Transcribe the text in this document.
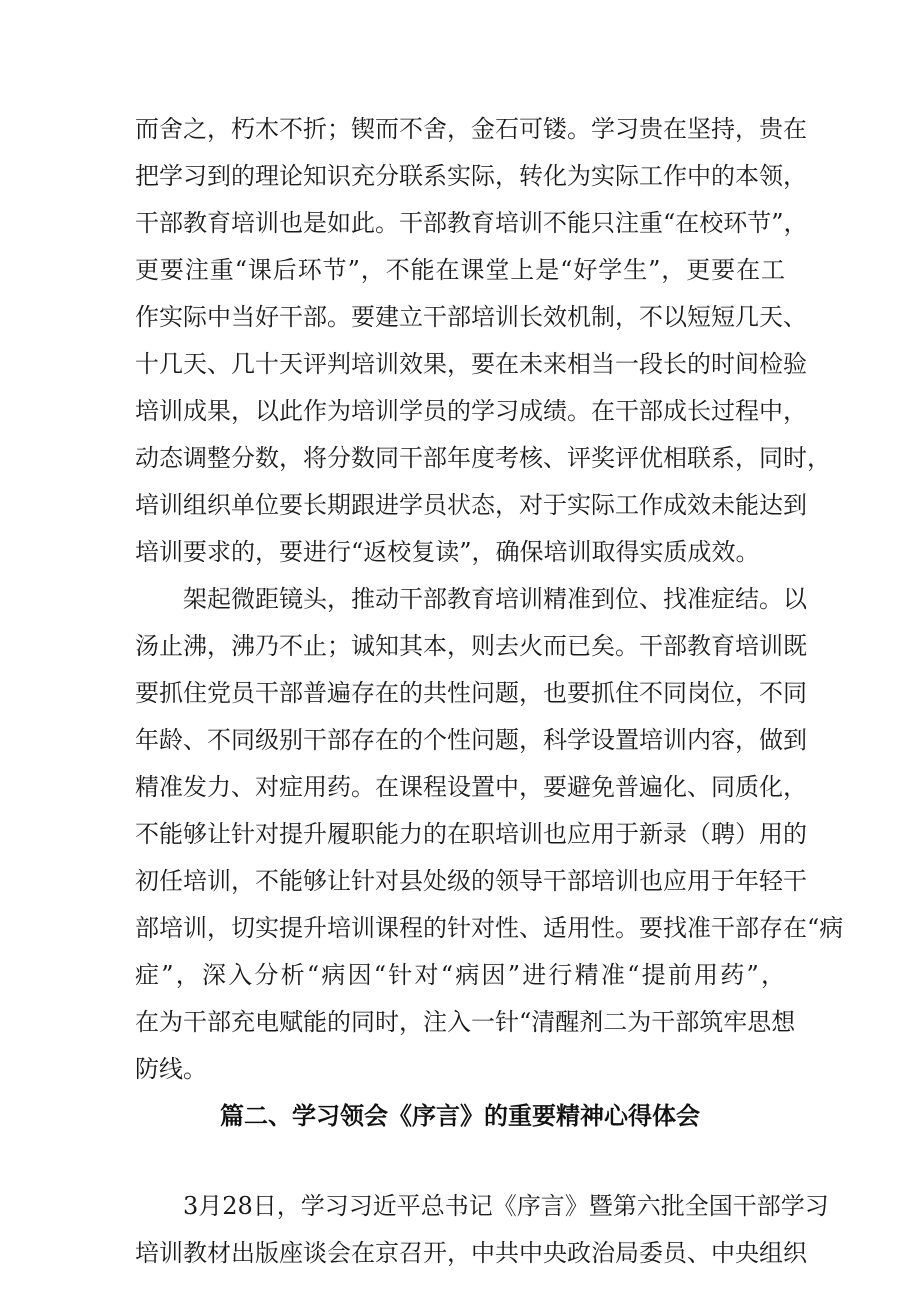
而舍之，朽木不折；锲而不舍，金石可镂。学习贵在坚持，贵在
把学习到的理论知识充分联系实际，转化为实际工作中的本领，
干部教育培训也是如此。干部教育培训不能只注重“在校环节”，
更要注重“课后环节”，不能在课堂上是“好学生”，更要在工
作实际中当好干部。要建立干部培训长效机制，不以短短几天、
十几天、几十天评判培训效果，要在未来相当一段长的时间检验
培训成果，以此作为培训学员的学习成绩。在干部成长过程中，
动态调整分数，将分数同干部年度考核、评奖评优相联系，同时，
培训组织单位要长期跟进学员状态，对于实际工作成效未能达到
培训要求的，要进行“返校复读”，确保培训取得实质成效。
架起微距镜头，推动干部教育培训精准到位、找准症结。以
汤止沸，沸乃不止；诚知其本，则去火而已矣。干部教育培训既
要抓住党员干部普遍存在的共性问题，也要抓住不同岗位，不同
年龄、不同级别干部存在的个性问题，科学设置培训内容，做到
精准发力、对症用药。在课程设置中，要避免普遍化、同质化，
不能够让针对提升履职能力的在职培训也应用于新录（聘）用的
初任培训，不能够让针对县处级的领导干部培训也应用于年轻干
部培训，切实提升培训课程的针对性、适用性。要找准干部存在“病
症”，深入分析“病因“针对“病因”进行精准“提前用药”，
在为干部充电赋能的同时，注入一针“清醒剂二为干部筑牢思想
防线。
篇二、学习领会《序言》的重要精神心得体会
3月28日，学习习近平总书记《序言》暨第六批全国干部学习
培训教材出版座谈会在京召开，中共中央政治局委员、中央组织
